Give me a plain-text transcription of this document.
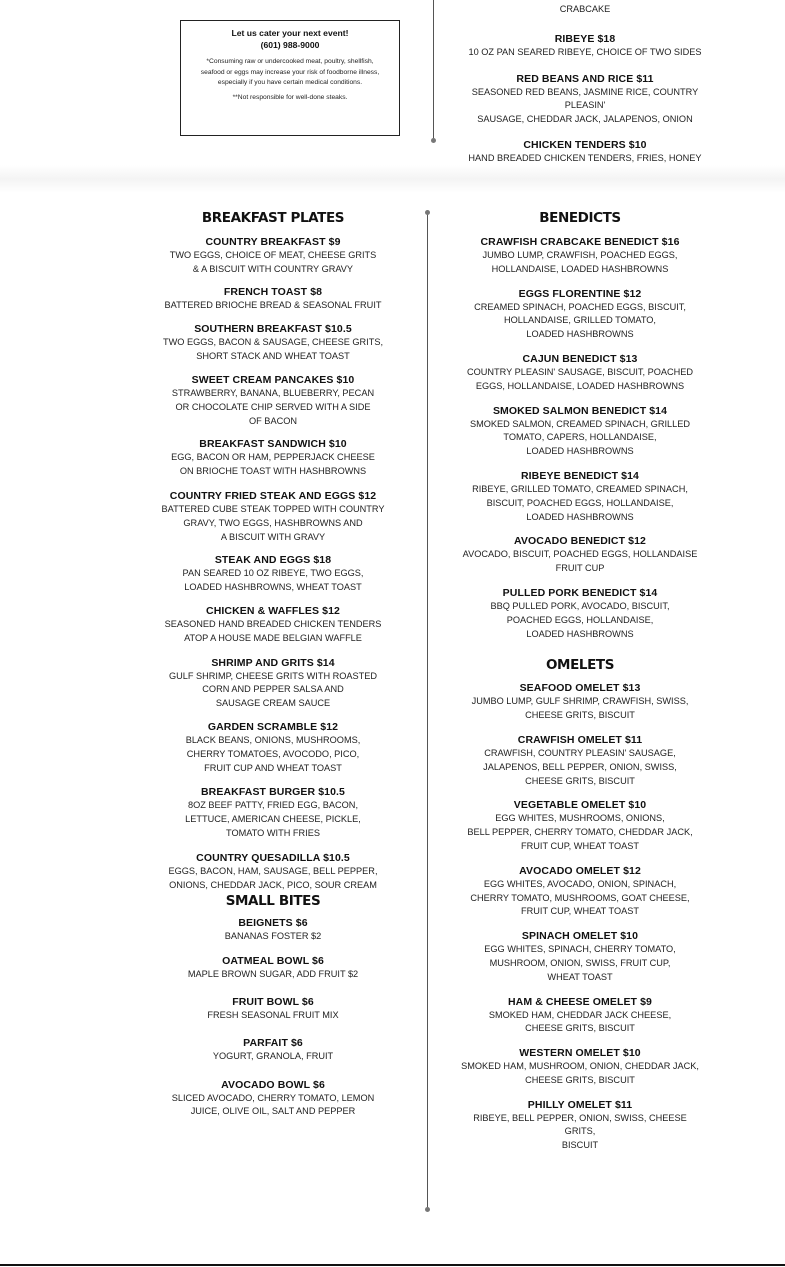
Let us cater your next event!
(601) 988-9000
*Consuming raw or undercooked meat, poultry, shellfish,
seafood or eggs may increase your risk of foodborne illness,
especially if you have certain medical conditions.
**Not responsible for well-done steaks.
CRABCAKE
RIBEYE $18
10 OZ PAN SEARED RIBEYE, CHOICE OF TWO SIDES
RED BEANS AND RICE $11
SEASONED RED BEANS, JASMINE RICE, COUNTRY PLEASIN'
SAUSAGE, CHEDDAR JACK, JALAPENOS, ONION
CHICKEN TENDERS $10
HAND BREADED CHICKEN TENDERS, FRIES, HONEY
BREAKFAST PLATES
COUNTRY BREAKFAST $9
TWO EGGS, CHOICE OF MEAT, CHEESE GRITS
& A BISCUIT WITH COUNTRY GRAVY
FRENCH TOAST $8
BATTERED BRIOCHE BREAD & SEASONAL FRUIT
SOUTHERN BREAKFAST $10.5
TWO EGGS, BACON & SAUSAGE, CHEESE GRITS,
SHORT STACK AND WHEAT TOAST
SWEET CREAM PANCAKES $10
STRAWBERRY, BANANA, BLUEBERRY, PECAN
OR CHOCOLATE CHIP SERVED WITH A SIDE
OF BACON
BREAKFAST SANDWICH $10
EGG, BACON OR HAM, PEPPERJACK CHEESE
ON BRIOCHE TOAST WITH HASHBROWNS
COUNTRY FRIED STEAK AND EGGS $12
BATTERED CUBE STEAK TOPPED WITH COUNTRY
GRAVY, TWO EGGS, HASHBROWNS AND
A BISCUIT WITH GRAVY
STEAK AND EGGS $18
PAN SEARED 10 OZ RIBEYE, TWO EGGS,
LOADED HASHBROWNS, WHEAT TOAST
CHICKEN & WAFFLES $12
SEASONED HAND BREADED CHICKEN TENDERS
ATOP A HOUSE MADE BELGIAN WAFFLE
SHRIMP AND GRITS $14
GULF SHRIMP, CHEESE GRITS WITH ROASTED
CORN AND PEPPER SALSA AND
SAUSAGE CREAM SAUCE
GARDEN SCRAMBLE $12
BLACK BEANS, ONIONS, MUSHROOMS,
CHERRY TOMATOES, AVOCODO, PICO,
FRUIT CUP AND WHEAT TOAST
BREAKFAST BURGER $10.5
8OZ BEEF PATTY, FRIED EGG, BACON,
LETTUCE, AMERICAN CHEESE, PICKLE,
TOMATO WITH FRIES
COUNTRY QUESADILLA $10.5
EGGS, BACON, HAM, SAUSAGE, BELL PEPPER,
ONIONS, CHEDDAR JACK, PICO, SOUR CREAM
SMALL BITES
BEIGNETS $6
BANANAS FOSTER $2
OATMEAL BOWL $6
MAPLE BROWN SUGAR, ADD FRUIT $2
FRUIT BOWL $6
FRESH SEASONAL FRUIT MIX
PARFAIT $6
YOGURT, GRANOLA, FRUIT
AVOCADO BOWL $6
SLICED AVOCADO, CHERRY TOMATO, LEMON
JUICE, OLIVE OIL, SALT AND PEPPER
BENEDICTS
CRAWFISH CRABCAKE BENEDICT $16
JUMBO LUMP, CRAWFISH, POACHED EGGS,
HOLLANDAISE, LOADED HASHBROWNS
EGGS FLORENTINE $12
CREAMED SPINACH, POACHED EGGS, BISCUIT,
HOLLANDAISE, GRILLED TOMATO,
LOADED HASHBROWNS
CAJUN BENEDICT $13
COUNTRY PLEASIN' SAUSAGE, BISCUIT, POACHED
EGGS, HOLLANDAISE, LOADED HASHBROWNS
SMOKED SALMON BENEDICT $14
SMOKED SALMON, CREAMED SPINACH, GRILLED
TOMATO, CAPERS, HOLLANDAISE,
LOADED HASHBROWNS
RIBEYE BENEDICT $14
RIBEYE, GRILLED TOMATO, CREAMED SPINACH,
BISCUIT, POACHED EGGS, HOLLANDAISE,
LOADED HASHBROWNS
AVOCADO BENEDICT $12
AVOCADO, BISCUIT, POACHED EGGS, HOLLANDAISE
FRUIT CUP
PULLED PORK BENEDICT $14
BBQ PULLED PORK, AVOCADO, BISCUIT,
POACHED EGGS, HOLLANDAISE,
LOADED HASHBROWNS
OMELETS
SEAFOOD OMELET $13
JUMBO LUMP, GULF SHRIMP, CRAWFISH, SWISS,
CHEESE GRITS, BISCUIT
CRAWFISH OMELET $11
CRAWFISH, COUNTRY PLEASIN' SAUSAGE,
JALAPENOS, BELL PEPPER, ONION, SWISS,
CHEESE GRITS, BISCUIT
VEGETABLE OMELET $10
EGG WHITES, MUSHROOMS, ONIONS,
BELL PEPPER, CHERRY TOMATO, CHEDDAR JACK,
FRUIT CUP, WHEAT TOAST
AVOCADO OMELET $12
EGG WHITES, AVOCADO, ONION, SPINACH,
CHERRY TOMATO, MUSHROOMS, GOAT CHEESE,
FRUIT CUP, WHEAT TOAST
SPINACH OMELET $10
EGG WHITES, SPINACH, CHERRY TOMATO,
MUSHROOM, ONION, SWISS, FRUIT CUP,
WHEAT TOAST
HAM & CHEESE OMELET $9
SMOKED HAM, CHEDDAR JACK CHEESE,
CHEESE GRITS, BISCUIT
WESTERN OMELET $10
SMOKED HAM, MUSHROOM, ONION, CHEDDAR JACK,
CHEESE GRITS, BISCUIT
PHILLY OMELET $11
RIBEYE, BELL PEPPER, ONION, SWISS, CHEESE GRITS,
BISCUIT
